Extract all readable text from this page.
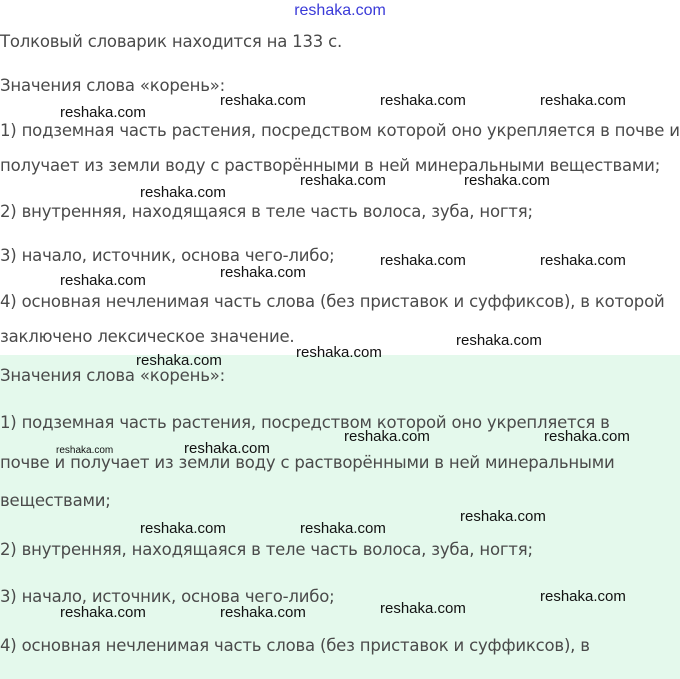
reshaka.com
Толковый словарик находится на 133 с.
Значения слова «корень»:
1) подземная часть растения, посредством которой оно укрепляется в почве и
получает из земли воду с растворёнными в ней минеральными веществами;
2) внутренняя, находящаяся в теле часть волоса, зуба, ногтя;
3) начало, источник, основа чего-либо;
4) основная нечленимая часть слова (без приставок и суффиксов), в которой
заключено лексическое значение.
Значения слова «корень»:
1) подземная часть растения, посредством которой оно укрепляется в
почве и получает из земли воду с растворёнными в ней минеральными
веществами;
2) внутренняя, находящаяся в теле часть волоса, зуба, ногтя;
3) начало, источник, основа чего-либо;
4) основная нечленимая часть слова (без приставок и суффиксов), в
reshaka.com
reshaka.com	reshaka.com	reshaka.com
reshaka.com
reshaka.com	reshaka.com
reshaka.com
reshaka.com	reshaka.com
reshaka.com
reshaka.com
reshaka.com
reshaka.com
reshaka.com	reshaka.com
reshaka.com	reshaka.com
reshaka.com	reshaka.com
reshaka.com
reshaka.com	reshaka.com	reshaka.com
reshaka.com
